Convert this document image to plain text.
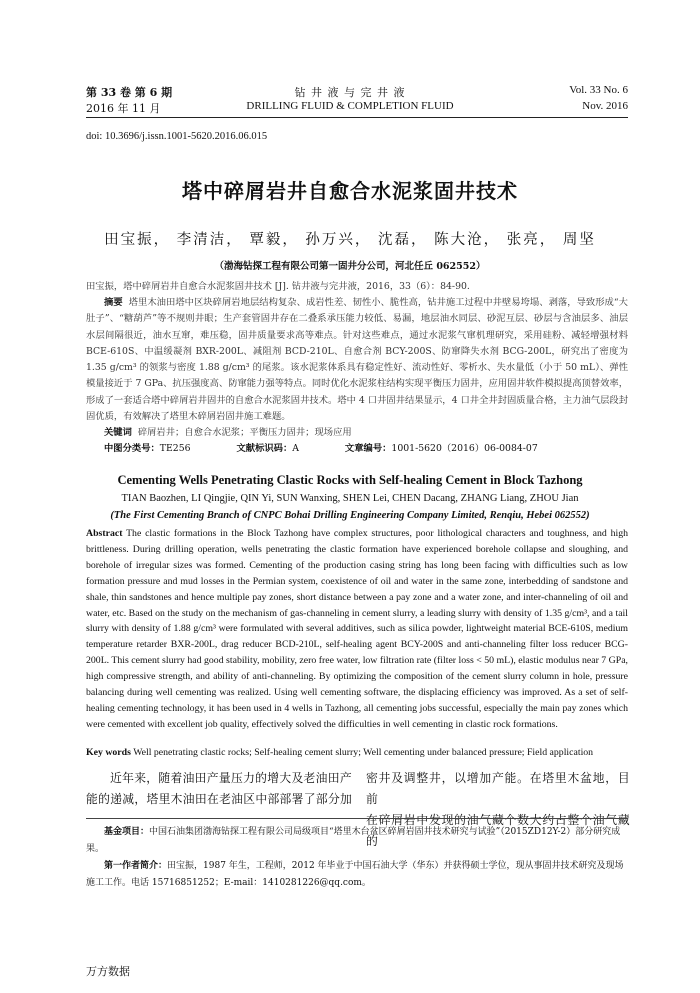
第 33 卷 第 6 期
2016 年 11 月
钻 井 液 与 完 井 液
DRILLING FLUID & COMPLETION FLUID
Vol. 33 No. 6
Nov. 2016
doi: 10.3696/j.issn.1001-5620.2016.06.015
塔中碎屑岩井自愈合水泥浆固井技术
田宝振， 李清洁， 覃毅， 孙万兴， 沈磊， 陈大沧， 张亮， 周坚
（渤海钻探工程有限公司第一固井分公司，河北任丘 062552）
田宝振，塔中碎屑岩井自愈合水泥浆固井技术 [J]. 钻井液与完井液，2016，33（6）：84-90.
摘要 塔里木油田塔中区块碎屑岩地层结构复杂、成岩性差、韧性小、脆性高，钻井施工过程中井壁易垮塌、剥落，导致形成“大肚子”、“糖葫芦”等不规则井眼；生产套管固井存在二叠系承压能力较低、易漏，地层油水同层、砂泥互层、砂层与含油层多、油层水层间隔很近，油水互窜，难压稳，固井质量要求高等难点。针对这些难点，通过水泥浆气窜机理研究，采用硅粉、减轻增强材料 BCE-610S、中温缓凝剂 BXR-200L、减阻剂 BCD-210L、自愈合剂 BCY-200S、防窜降失水剂 BCG-200L，研究出了密度为 1.35 g/cm³ 的领浆与密度 1.88 g/cm³ 的尾浆。该水泥浆体系具有稳定性好、流动性好、零析水、失水量低（小于 50 mL）、弹性模量接近于 7 GPa、抗压强度高、防窜能力强等特点。同时优化水泥浆柱结构实现平衡压力固井，应用固井软件模拟提高顶替效率，形成了一套适合塔中碎屑岩井固井的自愈合水泥浆固井技术。塔中 4 口井固井结果显示，4 口井全井封固质量合格，主力油气层段封固优质，有效解决了塔里木碎屑岩固井施工难题。
关键词 碎屑岩井；自愈合水泥浆；平衡压力固井；现场应用
中图分类号：TE256	文献标识码：A	文章编号：1001-5620（2016）06-0084-07
Cementing Wells Penetrating Clastic Rocks with Self-healing Cement in Block Tazhong
TIAN Baozhen, LI Qingjie, QIN Yi, SUN Wanxing, SHEN Lei, CHEN Dacang, ZHANG Liang, ZHOU Jian
(The First Cementing Branch of CNPC Bohai Drilling Engineering Company Limited, Renqiu, Hebei 062552)
Abstract The clastic formations in the Block Tazhong have complex structures, poor lithological characters and toughness, and high brittleness. During drilling operation, wells penetrating the clastic formation have experienced borehole collapse and sloughing, and borehole of irregular sizes was formed. Cementing of the production casing string has long been facing with difficulties such as low formation pressure and mud losses in the Permian system, coexistence of oil and water in the same zone, interbedding of sandstone and shale, thin sandstones and hence multiple pay zones, short distance between a pay zone and a water zone, and inter-channeling of oil and water, etc. Based on the study on the mechanism of gas-channeling in cement slurry, a leading slurry with density of 1.35 g/cm³, and a tail slurry with density of 1.88 g/cm³ were formulated with several additives, such as silica powder, lightweight material BCE-610S, medium temperature retarder BXR-200L, drag reducer BCD-210L, self-healing agent BCY-200S and anti-channeling filter loss reducer BCG-200L. This cement slurry had good stability, mobility, zero free water, low filtration rate (filter loss < 50 mL), elastic modulus near 7 GPa, high compressive strength, and ability of anti-channeling. By optimizing the composition of the cement slurry column in hole, pressure balancing during well cementing was realized. Using well cementing software, the displacing efficiency was improved. As a set of self-healing cementing technology, it has been used in 4 wells in Tazhong, all cementing jobs successful, especially the main pay zones which were cemented with excellent job quality, effectively solved the difficulties in well cementing in clastic rock formations.
Key words Well penetrating clastic rocks; Self-healing cement slurry; Well cementing under balanced pressure; Field application
近年来，随着油田产量压力的增大及老油田产
能的递减，塔里木油田在老油区中部部署了部分加
密井及调整井，以增加产能。在塔里木盆地，目前
在碎屑岩中发现的油气藏个数大约占整个油气藏的
基金项目：中国石油集团渤海钻探工程有限公司局级项目“塔里木台盆区碎屑岩固井技术研究与试验”（2015ZD12Y-2）部分研究成果。
第一作者简介：田宝振，1987 年生，工程师，2012 年毕业于中国石油大学（华东）并获得硕士学位，现从事固井技术研究及现场施工工作。电话 15716851252；E-mail：1410281226@qq.com。
万方数据
